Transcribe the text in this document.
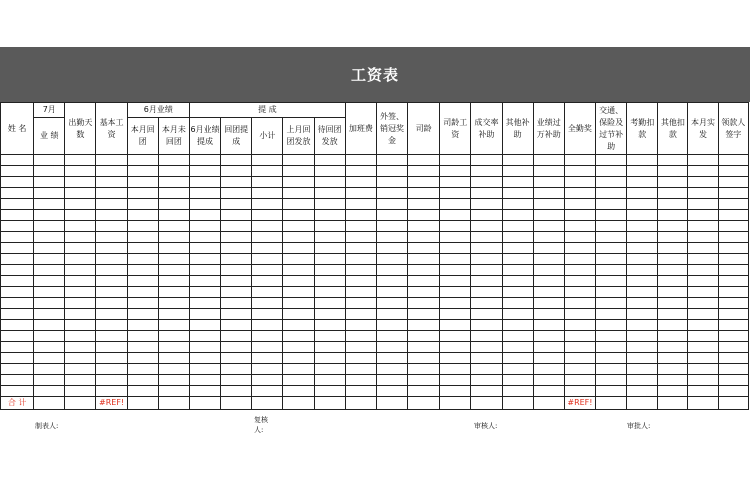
工资表
姓 名	7月	出勤天数	基本工资	6月业绩		提 成					加班费	外签、销冠奖金	司龄	司龄工资	成交率补助	其他补助	业绩过万补助	全勤奖	交通、保险及过节补助	考勤扣款	其他扣款	本月实发	领款人签字
	业 绩			本月回团	本月未回团	6月业绩提成	回团提成	小计	上月回团发放	待回团发放													

合 计			#REF!															#REF!					
制表人:
复核人:	审核人:	审批人:
